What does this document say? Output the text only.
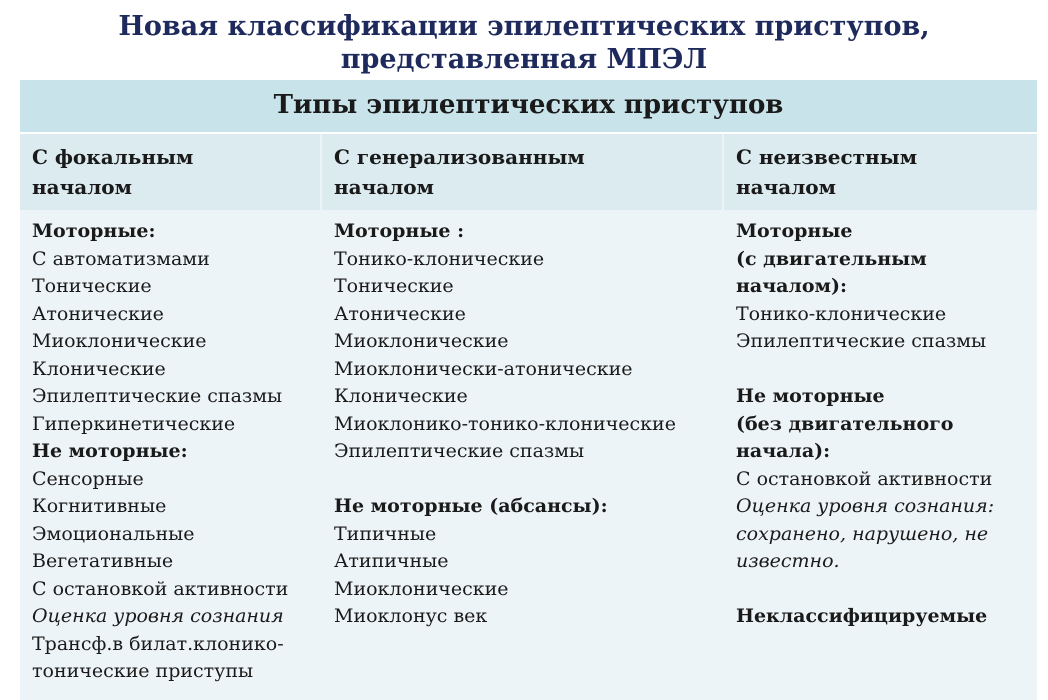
Новая классификации эпилептических приступов,
представленная МПЭЛ
Типы эпилептических приступов
С фокальным
началом
С генерализованным
началом
С неизвестным
началом
Моторные:
С автоматизмами
Тонические
Атонические
Миоклонические
Клонические
Эпилептические спазмы
Гиперкинетические
Не моторные:
Сенсорные
Когнитивные
Эмоциональные
Вегетативные
С остановкой активности
Оценка уровня сознания
Трансф.в билат.клонико-
тонические приступы
Моторные :
Тонико-клонические
Тонические
Атонические
Миоклонические
Миоклонически-атонические
Клонические
Миоклонико-тонико-клонические
Эпилептические спазмы
Не моторные (абсансы):
Типичные
Атипичные
Миоклонические
Миоклонус век
Моторные
(с двигательным
началом):
Тонико-клонические
Эпилептические спазмы
Не моторные
(без двигательного
начала):
С остановкой активности
Оценка уровня сознания:
сохранено, нарушено, не
известно.
Неклассифицируемые
